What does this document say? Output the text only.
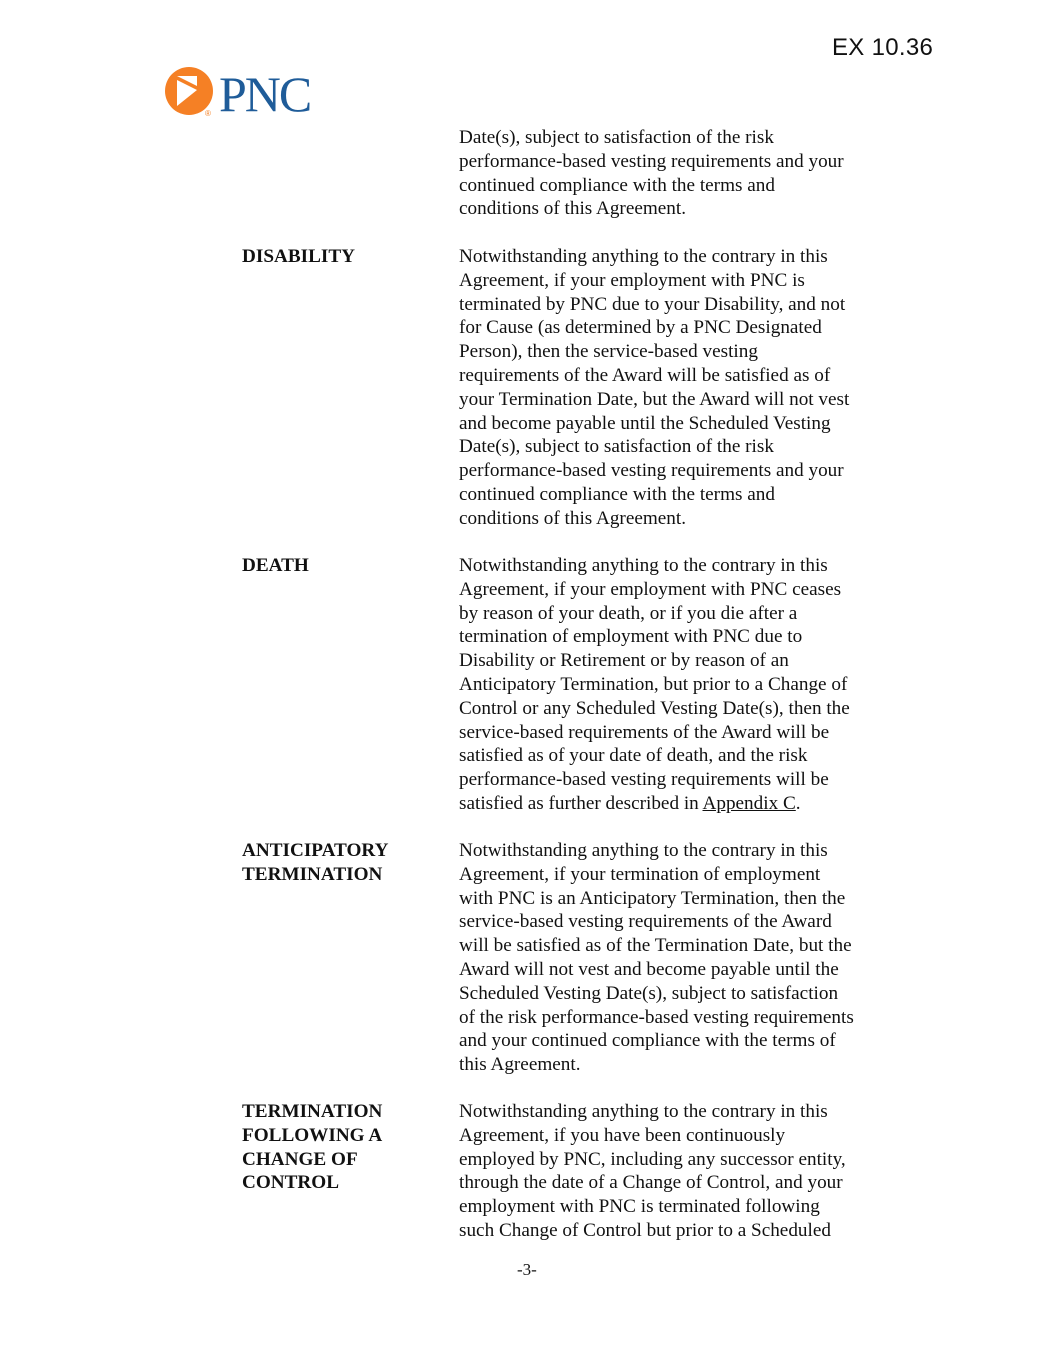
EX 10.36
® PNC
Date(s), subject to satisfaction of the risk
performance-based vesting requirements and your
continued compliance with the terms and
conditions of this Agreement.
DISABILITY	Notwithstanding anything to the contrary in this
Agreement, if your employment with PNC is
terminated by PNC due to your Disability, and not
for Cause (as determined by a PNC Designated
Person), then the service-based vesting
requirements of the Award will be satisfied as of
your Termination Date, but the Award will not vest
and become payable until the Scheduled Vesting
Date(s), subject to satisfaction of the risk
performance-based vesting requirements and your
continued compliance with the terms and
conditions of this Agreement.
DEATH	Notwithstanding anything to the contrary in this
Agreement, if your employment with PNC ceases
by reason of your death, or if you die after a
termination of employment with PNC due to
Disability or Retirement or by reason of an
Anticipatory Termination, but prior to a Change of
Control or any Scheduled Vesting Date(s), then the
service-based requirements of the Award will be
satisfied as of your date of death, and the risk
performance-based vesting requirements will be
satisfied as further described in Appendix C.
ANTICIPATORY
TERMINATION
Notwithstanding anything to the contrary in this
Agreement, if your termination of employment
with PNC is an Anticipatory Termination, then the
service-based vesting requirements of the Award
will be satisfied as of the Termination Date, but the
Award will not vest and become payable until the
Scheduled Vesting Date(s), subject to satisfaction
of the risk performance-based vesting requirements
and your continued compliance with the terms of
this Agreement.
TERMINATION
FOLLOWING A
CHANGE OF
CONTROL
Notwithstanding anything to the contrary in this
Agreement, if you have been continuously
employed by PNC, including any successor entity,
through the date of a Change of Control, and your
employment with PNC is terminated following
such Change of Control but prior to a Scheduled
-3-
